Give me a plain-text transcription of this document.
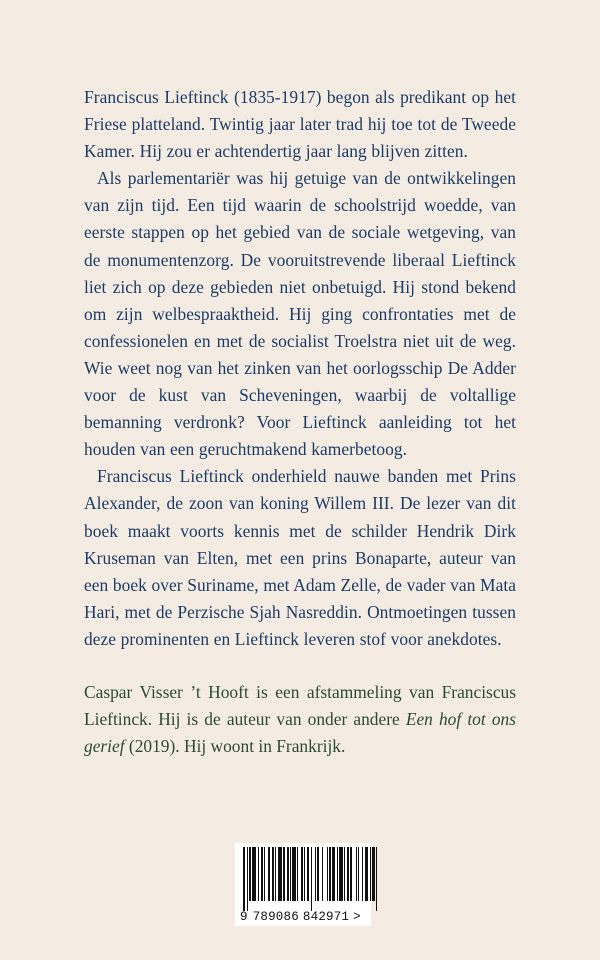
Franciscus Lieftinck (1835-1917) begon als predikant op het Friese platteland. Twintig jaar later trad hij toe tot de Tweede Kamer. Hij zou er achtendertig jaar lang blijven zitten.

Als parlementariër was hij getuige van de ontwikkelingen van zijn tijd. Een tijd waarin de schoolstrijd woedde, van eerste stappen op het gebied van de sociale wetgeving, van de monumentenzorg. De vooruitstrevende liberaal Lieftinck liet zich op deze gebieden niet onbetuigd. Hij stond bekend om zijn welbespraaktheid. Hij ging confrontaties met de confessionelen en met de socialist Troelstra niet uit de weg. Wie weet nog van het zinken van het oorlogsschip De Adder voor de kust van Scheveningen, waarbij de voltallige bemanning verdronk? Voor Lieftinck aanleiding tot het houden van een geruchtmakend kamerbetoog.

Franciscus Lieftinck onderhield nauwe banden met Prins Alexander, de zoon van koning Willem III. De lezer van dit boek maakt voorts kennis met de schilder Hendrik Dirk Kruseman van Elten, met een prins Bonaparte, auteur van een boek over Suriname, met Adam Zelle, de vader van Mata Hari, met de Perzische Sjah Nasreddin. Ontmoetingen tussen deze prominenten en Lieftinck leveren stof voor anekdotes.

Caspar Visser ’t Hooft is een afstammeling van Franciscus Lieftinck. Hij is de auteur van onder andere Een hof tot ons gerief (2019). Hij woont in Frankrijk.

9 789086 842971 >
